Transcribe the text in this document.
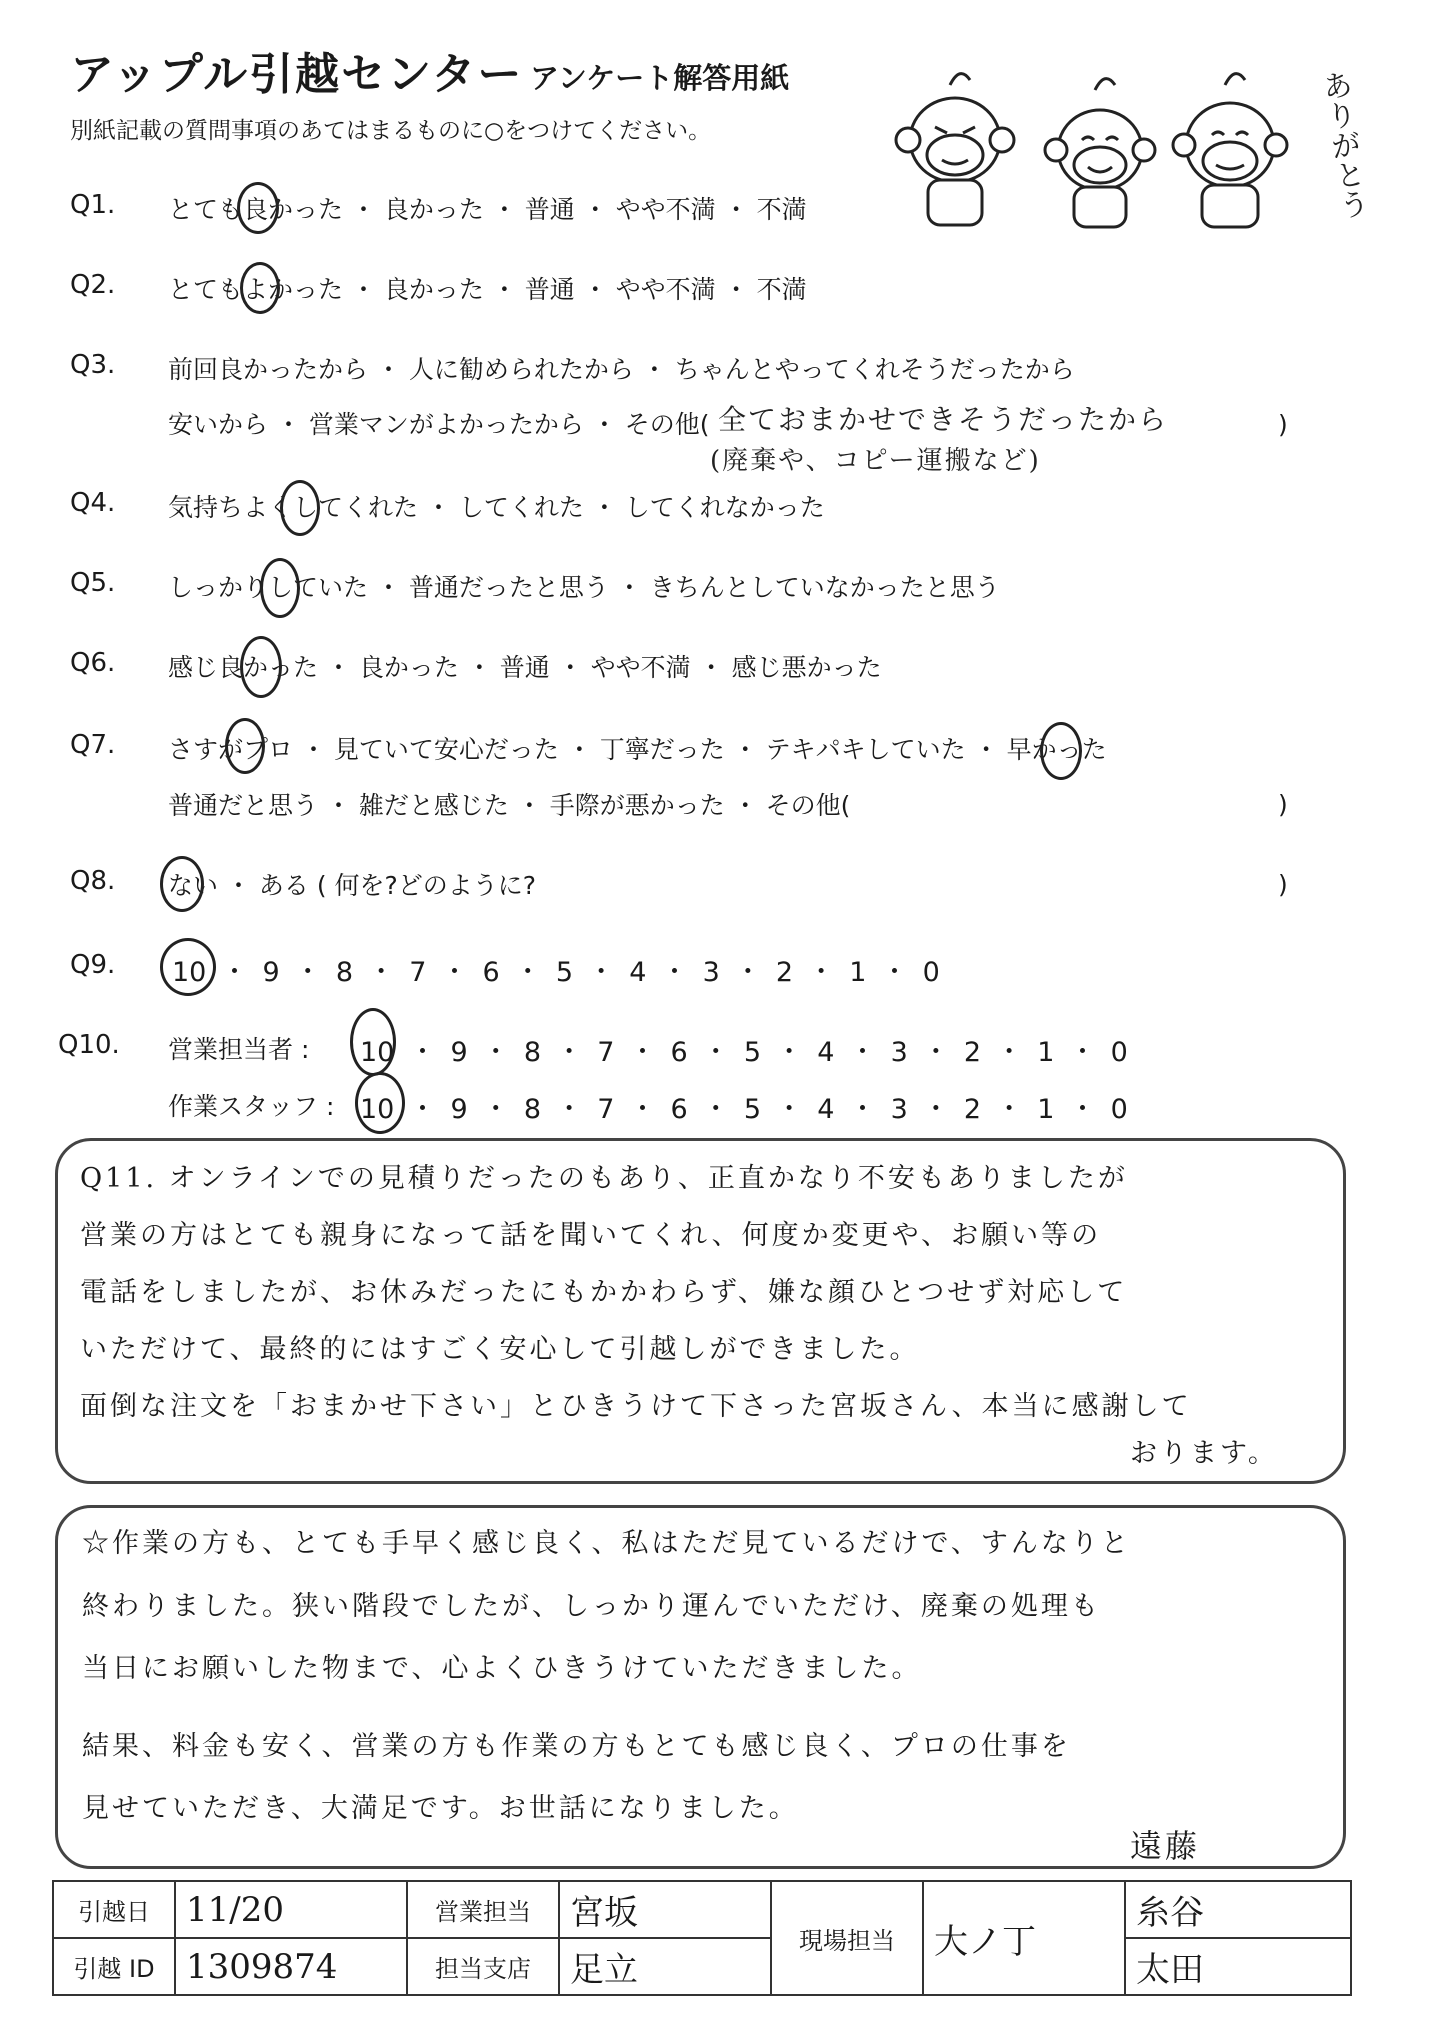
アップル引越センター アンケート解答用紙
別紙記載の質問事項のあてはまるものに○をつけてください。	ありがとう
Q1. とても良かった ・ 良かった ・ 普通 ・ やや不満 ・ 不満
Q2. とてもよかった ・ 良かった ・ 普通 ・ やや不満 ・ 不満
Q3. 前回良かったから ・ 人に勧められたから ・ ちゃんとやってくれそうだったから
安いから ・ 営業マンがよかったから ・ その他( 全ておまかせできそうだったから
(廃棄や、コピー運搬など)
)
Q4. 気持ちよくしてくれた ・ してくれた ・ してくれなかった
Q5. しっかりしていた ・ 普通だったと思う ・ きちんとしていなかったと思う
Q6. 感じ良かった ・ 良かった ・ 普通 ・ やや不満 ・ 感じ悪かった
Q7. さすがプロ ・ 見ていて安心だった ・ 丁寧だった ・ テキパキしていた ・ 早かった
普通だと思う ・ 雑だと感じた ・ 手際が悪かった ・ その他(	)
Q8. ない ・ ある ( 何を?どのように?	)
Q9. 10 ・ 9 ・ 8 ・ 7 ・ 6 ・ 5 ・ 4 ・ 3 ・ 2 ・ 1 ・ 0
Q10. 営業担当者 : 10 ・ 9 ・ 8 ・ 7 ・ 6 ・ 5 ・ 4 ・ 3 ・ 2 ・ 1 ・ 0
作業スタッフ : 10 ・ 9 ・ 8 ・ 7 ・ 6 ・ 5 ・ 4 ・ 3 ・ 2 ・ 1 ・ 0
Q11. オンラインでの見積りだったのもあり、正直かなり不安もありましたが
営業の方はとても親身になって話を聞いてくれ、何度か変更や、お願い等の
電話をしましたが、お休みだったにもかかわらず、嫌な顔ひとつせず対応して
いただけて、最終的にはすごく安心して引越しができました。
面倒な注文を「おまかせ下さい」とひきうけて下さった宮坂さん、本当に感謝して
おります。
☆作業の方も、とても手早く感じ良く、私はただ見ているだけで、すんなりと
終わりました。狭い階段でしたが、しっかり運んでいただけ、廃棄の処理も
当日にお願いした物まで、心よくひきうけていただきました。
結果、料金も安く、営業の方も作業の方もとても感じ良く、プロの仕事を
見せていただき、大満足です。お世話になりました。
遠藤
引越日	11/20	営業担当	宮坂	現場担当	大ノ丁	糸谷
引越 ID	1309874	担当支店	足立			太田
